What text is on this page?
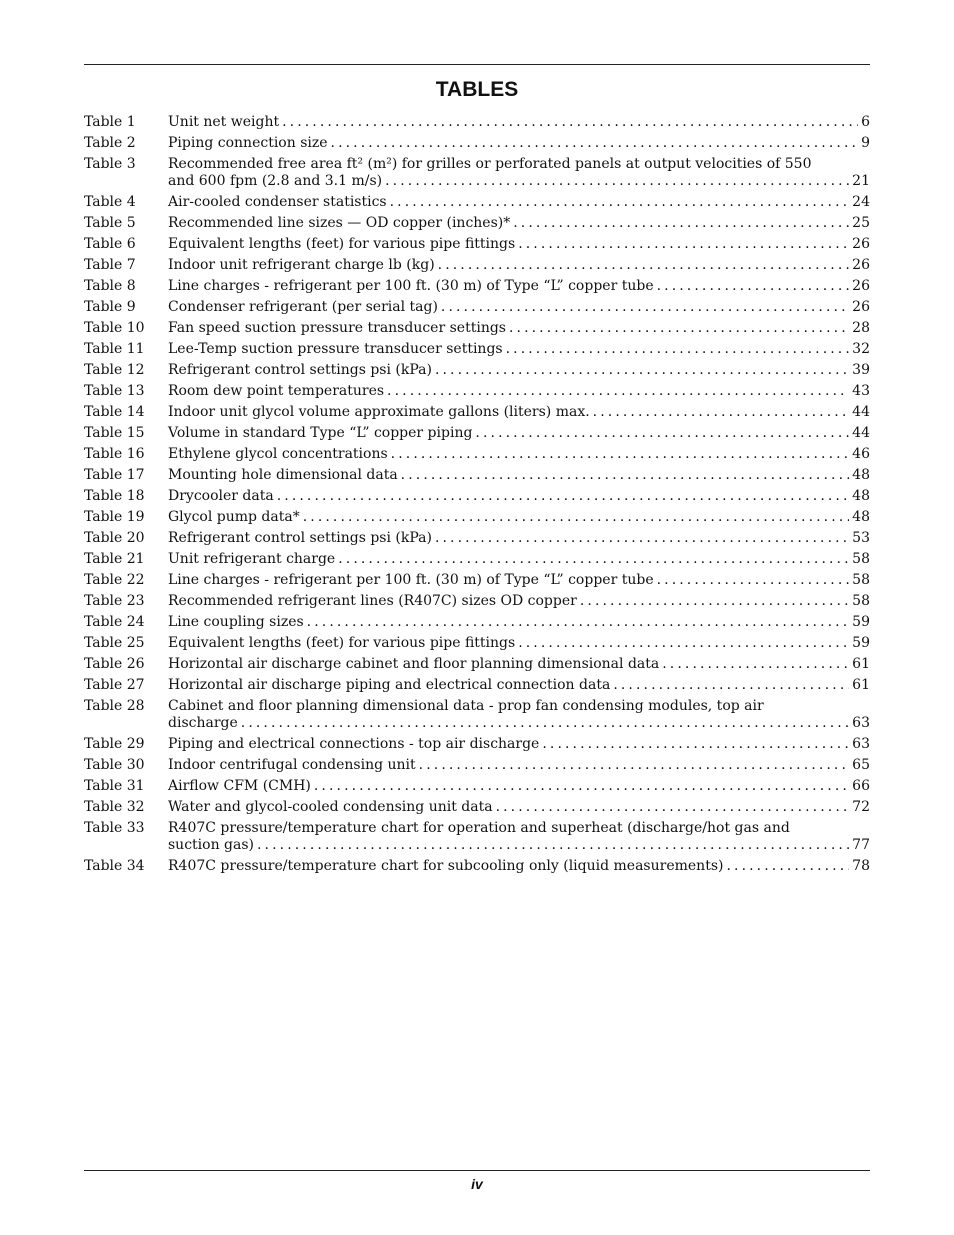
TABLES
Table 1 Unit net weight .....	6
Table 2 Piping connection size .....	9
Table 3 Recommended free area ft² (m²) for grilles or perforated panels at output velocities of 550
and 600 fpm (2.8 and 3.1 m/s) .....	21
Table 4 Air-cooled condenser statistics .....	24
Table 5 Recommended line sizes — OD copper (inches)* .....	25
Table 6 Equivalent lengths (feet) for various pipe fittings .....	26
Table 7 Indoor unit refrigerant charge lb (kg) .....	26
Table 8 Line charges - refrigerant per 100 ft. (30 m) of Type “L” copper tube .....	26
Table 9 Condenser refrigerant (per serial tag) .....	26
Table 10 Fan speed suction pressure transducer settings .....	28
Table 11 Lee-Temp suction pressure transducer settings .....	32
Table 12 Refrigerant control settings psi (kPa) .....	39
Table 13 Room dew point temperatures .....	43
Table 14 Indoor unit glycol volume approximate gallons (liters) max. .....	44
Table 15 Volume in standard Type “L” copper piping .....	44
Table 16 Ethylene glycol concentrations .....	46
Table 17 Mounting hole dimensional data .....	48
Table 18 Drycooler data .....	48
Table 19 Glycol pump data* .....	48
Table 20 Refrigerant control settings psi (kPa) .....	53
Table 21 Unit refrigerant charge .....	58
Table 22 Line charges - refrigerant per 100 ft. (30 m) of Type “L” copper tube .....	58
Table 23 Recommended refrigerant lines (R407C) sizes OD copper .....	58
Table 24 Line coupling sizes .....	59
Table 25 Equivalent lengths (feet) for various pipe fittings .....	59
Table 26 Horizontal air discharge cabinet and floor planning dimensional data .....	61
Table 27 Horizontal air discharge piping and electrical connection data .....	61
Table 28 Cabinet and floor planning dimensional data - prop fan condensing modules, top air
discharge .....	63
Table 29 Piping and electrical connections - top air discharge .....	63
Table 30 Indoor centrifugal condensing unit .....	65
Table 31 Airflow CFM (CMH) .....	66
Table 32 Water and glycol-cooled condensing unit data .....	72
Table 33 R407C pressure/temperature chart for operation and superheat (discharge/hot gas and
suction gas) .....	77
Table 34 R407C pressure/temperature chart for subcooling only (liquid measurements) .....	78
iv
